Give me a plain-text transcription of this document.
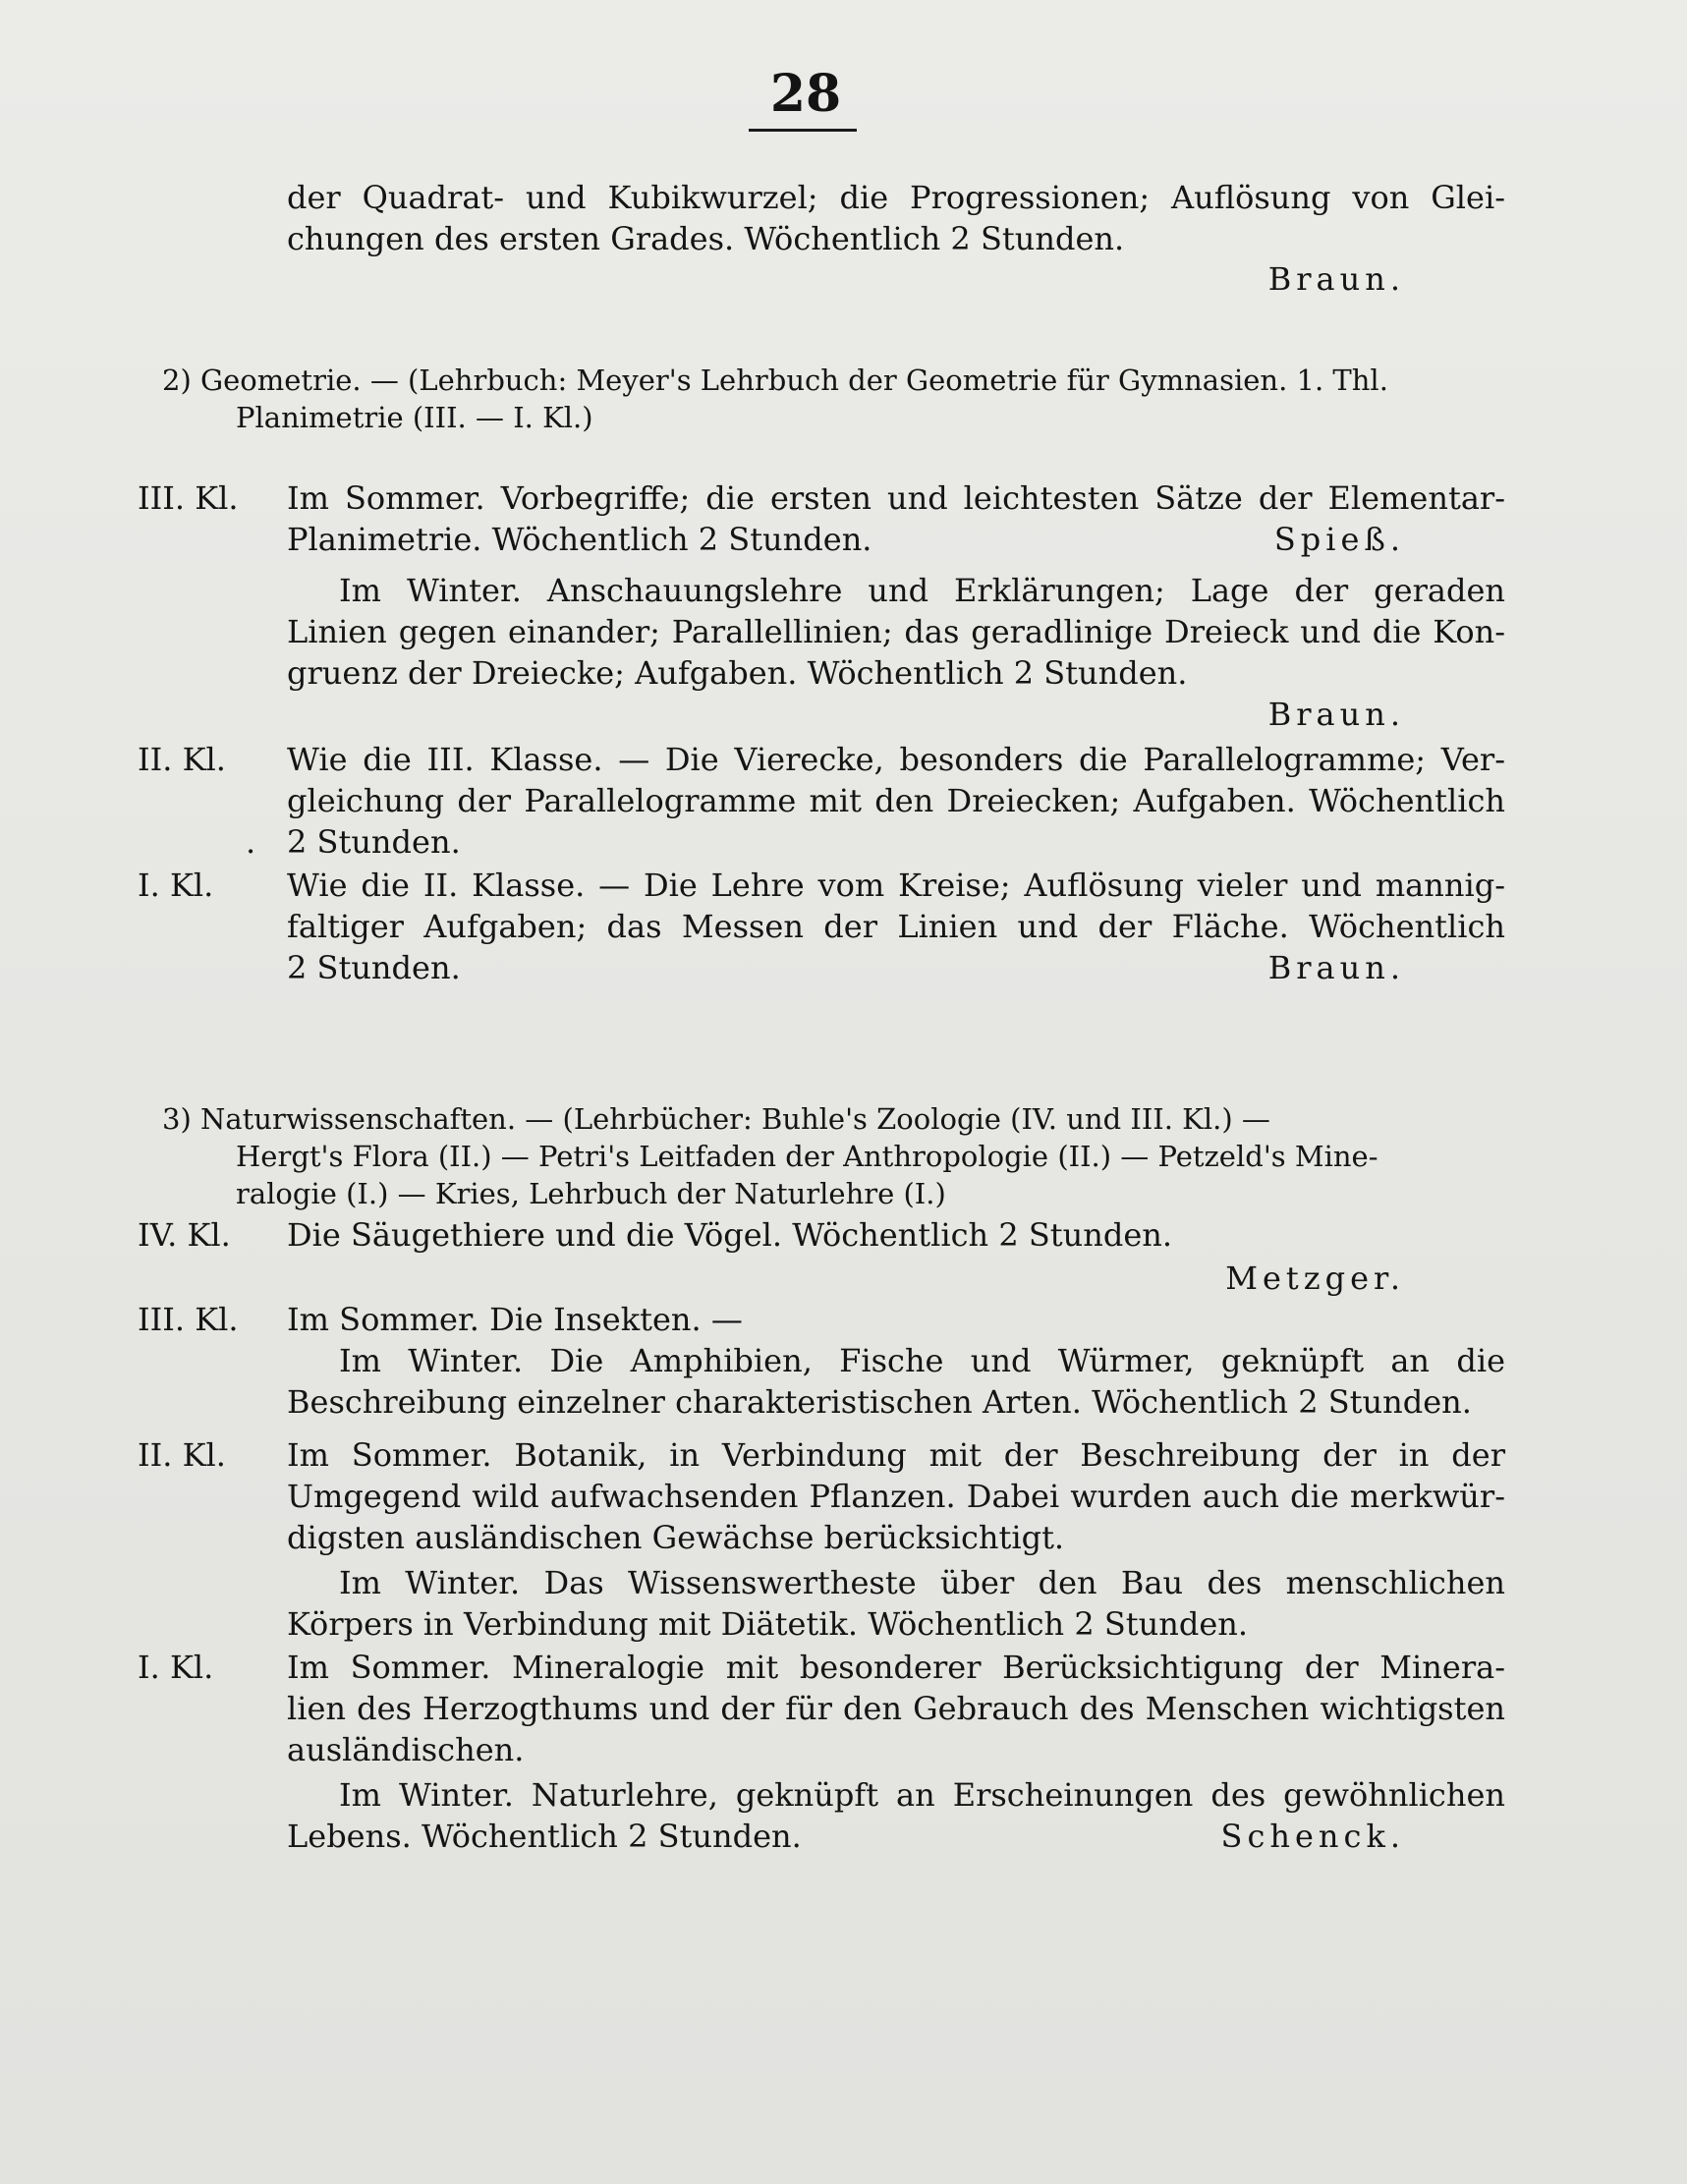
28
der Quadrat- und Kubikwurzel; die Progressionen; Auflösung von Glei-
chungen des ersten Grades. Wöchentlich 2 Stunden.
Braun.
2) Geometrie. — (Lehrbuch: Meyer's Lehrbuch der Geometrie für Gymnasien. 1. Thl.
Planimetrie (III. — I. Kl.)
III. Kl. Im Sommer. Vorbegriffe; die ersten und leichtesten Sätze der Elementar-
Planimetrie. Wöchentlich 2 Stunden.	Spieß.
Im Winter. Anschauungslehre und Erklärungen; Lage der geraden
Linien gegen einander; Parallellinien; das geradlinige Dreieck und die Kon-
gruenz der Dreiecke; Aufgaben. Wöchentlich 2 Stunden.
Braun.
II. Kl. Wie die III. Klasse. — Die Vierecke, besonders die Parallelogramme; Ver-
gleichung der Parallelogramme mit den Dreiecken; Aufgaben. Wöchentlich
. 2 Stunden.
I. Kl. Wie die II. Klasse. — Die Lehre vom Kreise; Auflösung vieler und mannig-
faltiger Aufgaben; das Messen der Linien und der Fläche. Wöchentlich
2 Stunden.	Braun.
3) Naturwissenschaften. — (Lehrbücher: Buhle's Zoologie (IV. und III. Kl.) —
Hergt's Flora (II.) — Petri's Leitfaden der Anthropologie (II.) — Petzeld's Mine-
ralogie (I.) — Kries, Lehrbuch der Naturlehre (I.)
IV. Kl. Die Säugethiere und die Vögel. Wöchentlich 2 Stunden.
Metzger.
III. Kl. Im Sommer. Die Insekten. —
Im Winter. Die Amphibien, Fische und Würmer, geknüpft an die
Beschreibung einzelner charakteristischen Arten. Wöchentlich 2 Stunden.
II. Kl. Im Sommer. Botanik, in Verbindung mit der Beschreibung der in der
Umgegend wild aufwachsenden Pflanzen. Dabei wurden auch die merkwür-
digsten ausländischen Gewächse berücksichtigt.
Im Winter. Das Wissenswertheste über den Bau des menschlichen
Körpers in Verbindung mit Diätetik. Wöchentlich 2 Stunden.
I. Kl. Im Sommer. Mineralogie mit besonderer Berücksichtigung der Minera-
lien des Herzogthums und der für den Gebrauch des Menschen wichtigsten
ausländischen.
Im Winter. Naturlehre, geknüpft an Erscheinungen des gewöhnlichen
Lebens. Wöchentlich 2 Stunden.	Schenck.
